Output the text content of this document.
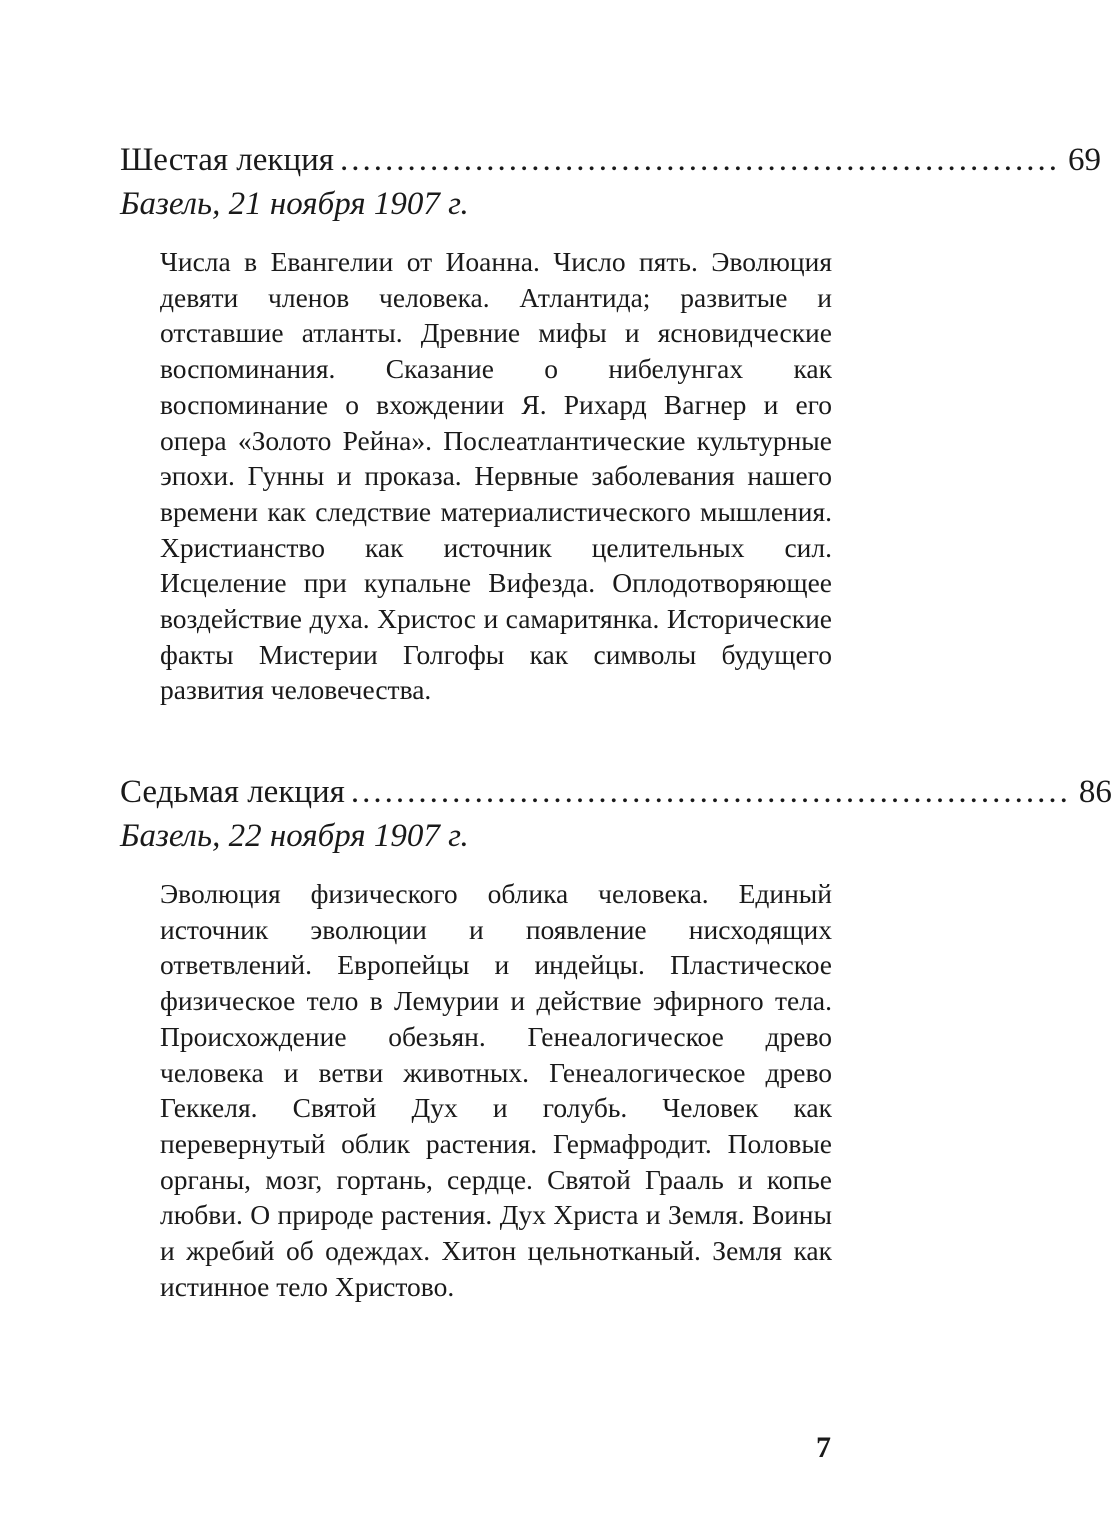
Шестая лекция ................................................................ 69
Базель, 21 ноября 1907 г.
Числа в Евангелии от Иоанна. Число пять. Эволюция девяти членов человека. Атлантида; развитые и отставшие атланты. Древние мифы и ясновидческие воспоминания. Сказание о нибелунгах как воспоминание о вхождении Я. Рихард Вагнер и его опера «Золото Рейна». Послеатлантические культурные эпохи. Гунны и проказа. Нервные заболевания нашего времени как следствие материалистического мышления. Христианство как источник целительных сил. Исцеление при купальне Вифезда. Оплодотворяющее воздействие духа. Христос и самаритянка. Исторические факты Мистерии Голгофы как символы будущего развития человечества.
Седьмая лекция ................................................................ 86
Базель, 22 ноября 1907 г.
Эволюция физического облика человека. Единый источник эволюции и появление нисходящих ответвлений. Европейцы и индейцы. Пластическое физическое тело в Лемурии и действие эфирного тела. Происхождение обезьян. Генеалогическое древо человека и ветви животных. Генеалогическое древо Геккеля. Святой Дух и голубь. Человек как перевернутый облик растения. Гермафродит. Половые органы, мозг, гортань, сердце. Святой Грааль и копье любви. О природе растения. Дух Христа и Земля. Воины и жребий об одеждах. Хитон цельнотканый. Земля как истинное тело Христово.
7
